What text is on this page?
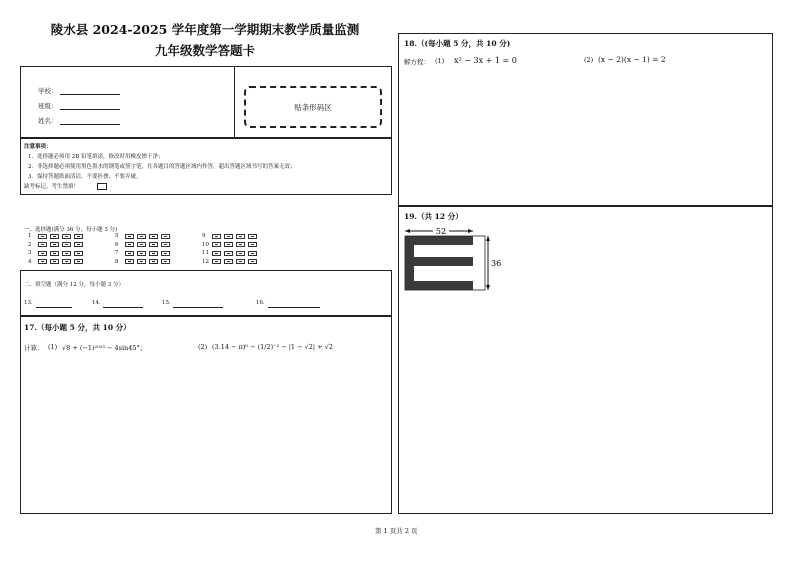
陵水县 2024-2025 学年度第一学期期末教学质量监测
九年级数学答题卡
学校：
班级：
姓名：
贴条形码区
注意事项：
1．选择题必须用 2B 铅笔填涂，修改时用橡皮擦干净；
2．非选择题必须使用黑色墨水的钢笔或签字笔，在各题目的答题区域内作答，超出答题区域书写的答案无效；
3．保持答题纸面清洁，不要折叠、不要弄破。
缺考标记，考生禁填！
一、选择题(满分 36 分，每小题 3 分)
1
2
3
4
5
6
7
8
9
10
11
12
二、填空题（满分 12 分，每小题 3 分）
13.	14.	15.	16.
17.（每小题 5 分，共 10 分）
计算： (1) √8 + (−1)²⁰²³ − 4sin45°；	(2) (3.14 − π)⁰ − (1/2)⁻² − |1 − √2| + √2
18.（(每小题 5 分，共 10 分)
解方程： (1) x² − 3x + 1 = 0	(2) (x − 2)(x − 1) = 2
19.（共 12 分）
52
36
第 1 页共 2 页
